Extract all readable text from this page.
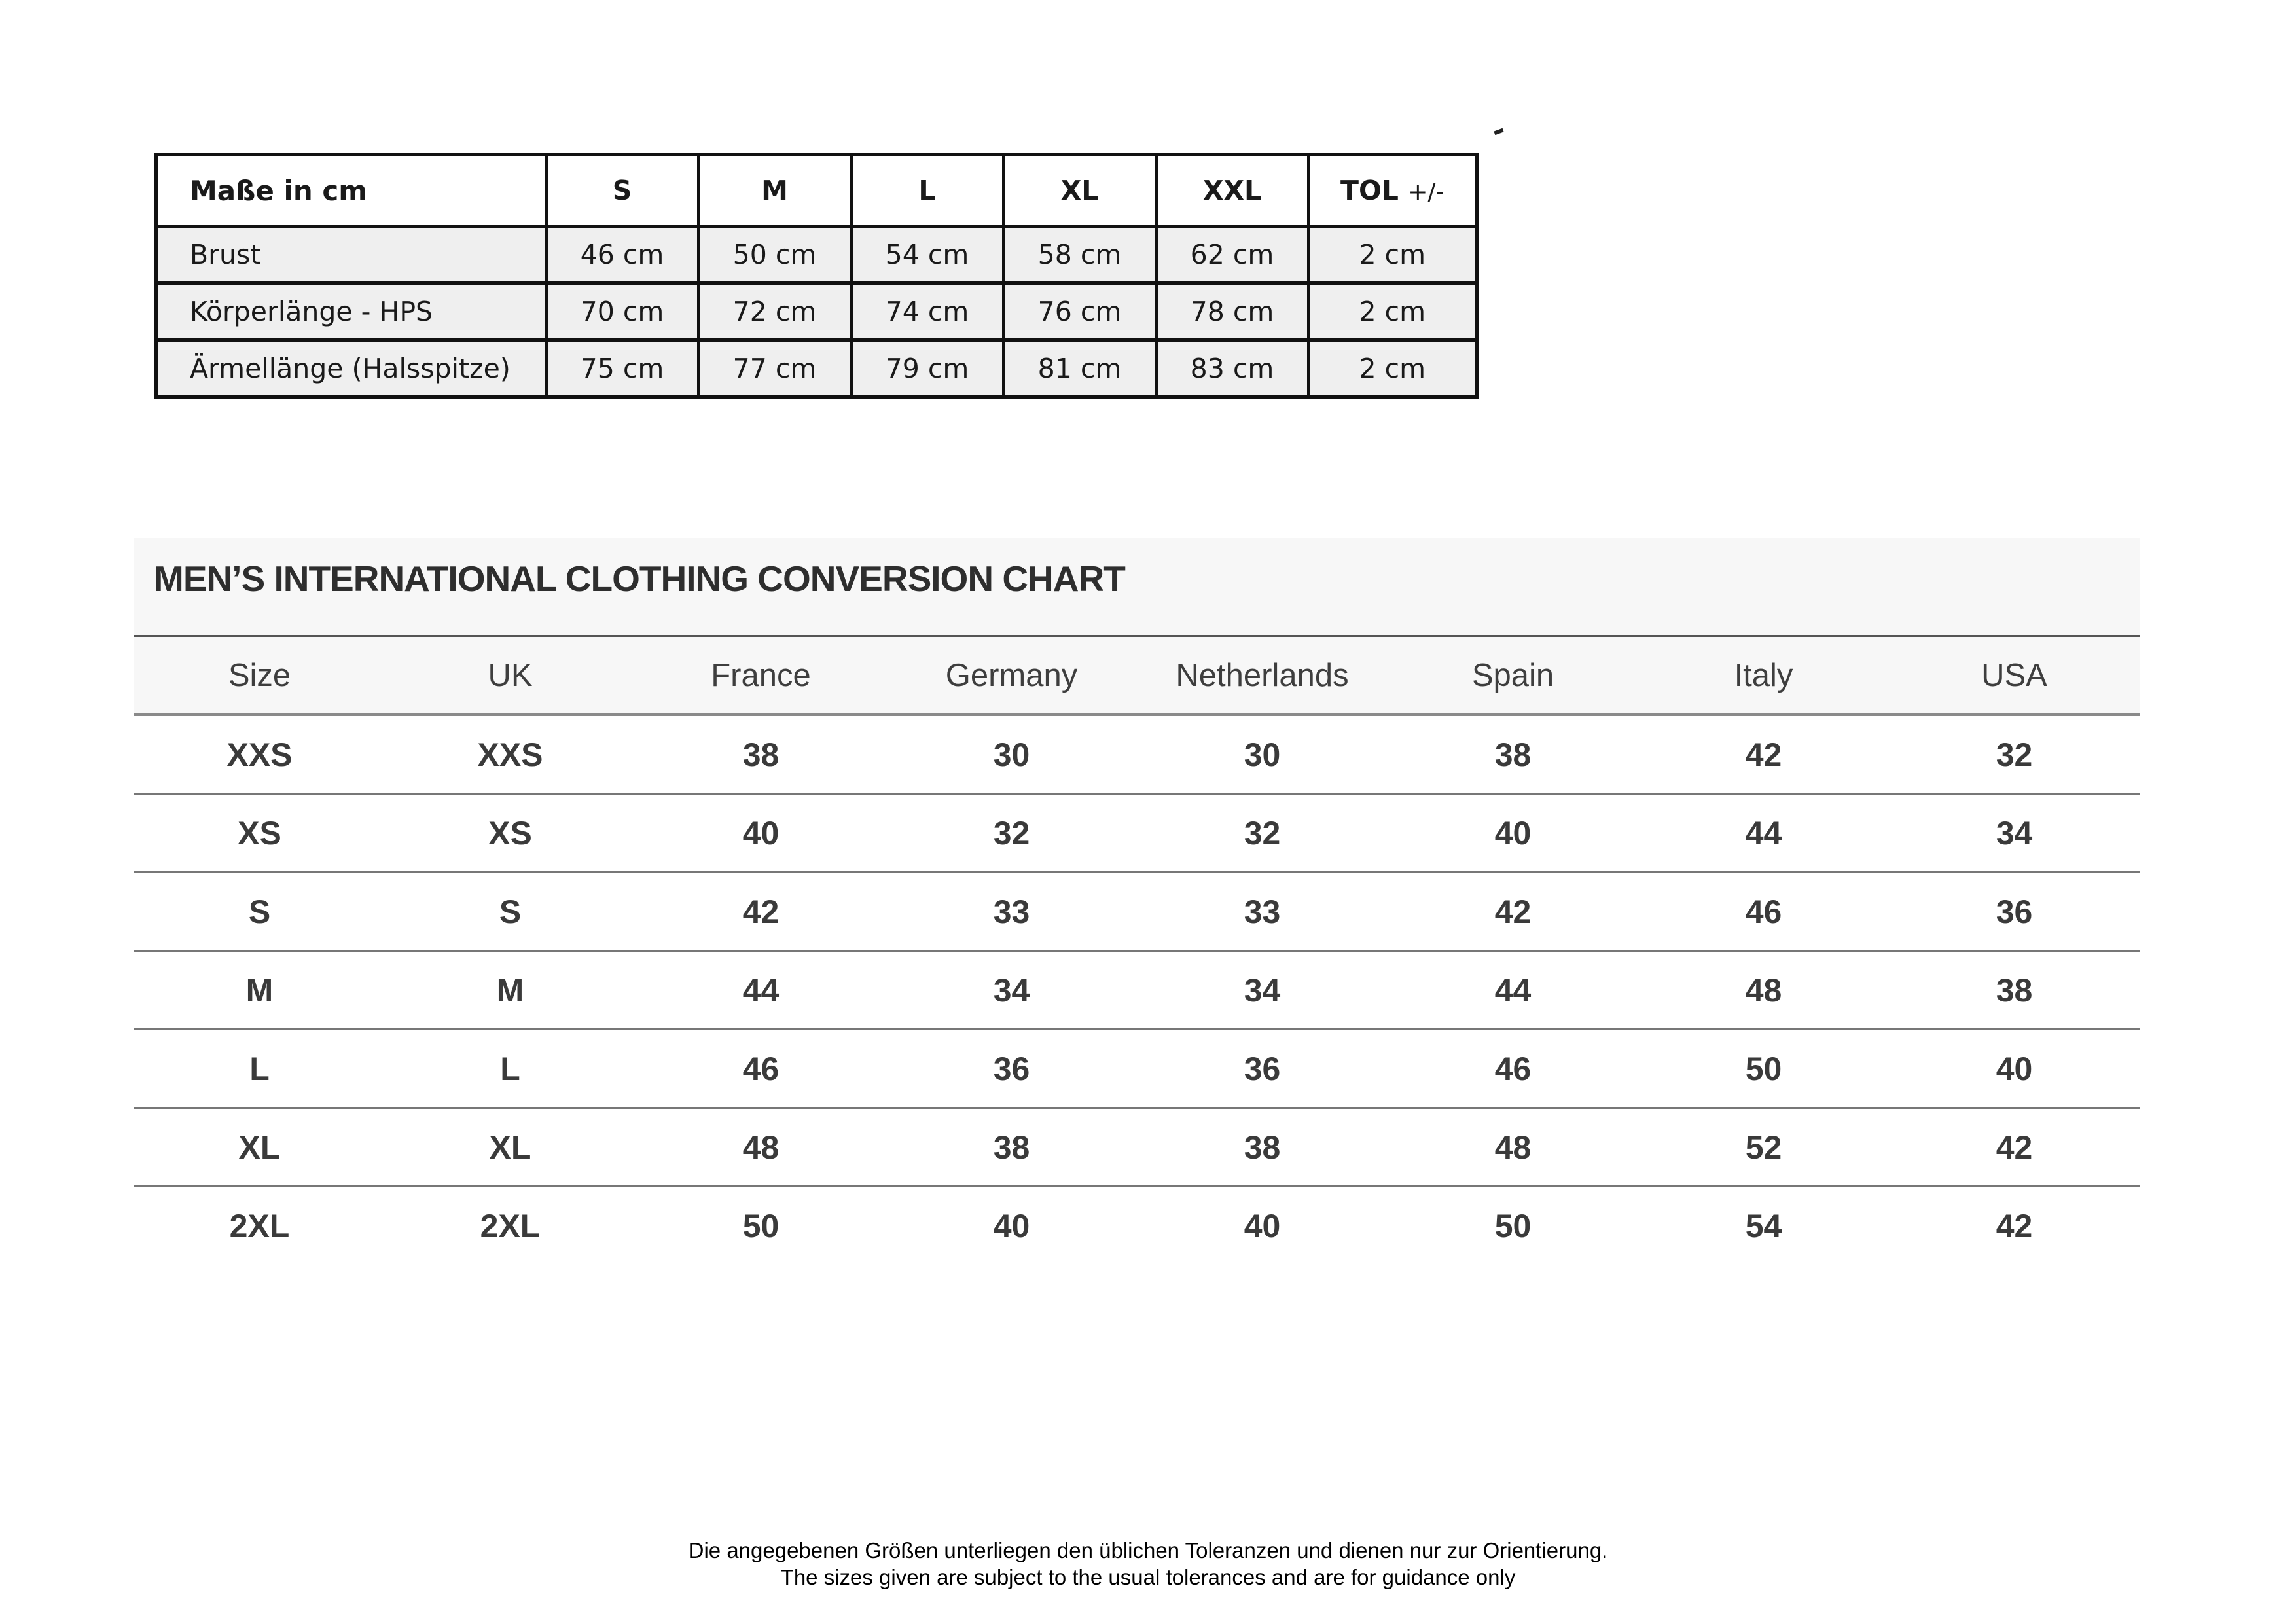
Maße in cm	S	M	L	XL	XXL	TOL +/-
Brust	46 cm	50 cm	54 cm	58 cm	62 cm	2 cm
Körperlänge - HPS	70 cm	72 cm	74 cm	76 cm	78 cm	2 cm
Ärmellänge (Halsspitze)	75 cm	77 cm	79 cm	81 cm	83 cm	2 cm
MEN’S INTERNATIONAL CLOTHING CONVERSION CHART
Size	UK	France	Germany	Netherlands	Spain	Italy	USA
XXS	XXS	38	30	30	38	42	32
XS	XS	40	32	32	40	44	34
S	S	42	33	33	42	46	36
M	M	44	34	34	44	48	38
L	L	46	36	36	46	50	40
XL	XL	48	38	38	48	52	42
2XL	2XL	50	40	40	50	54	42
Die angegebenen Größen unterliegen den üblichen Toleranzen und dienen nur zur Orientierung.
The sizes given are subject to the usual tolerances and are for guidance only
